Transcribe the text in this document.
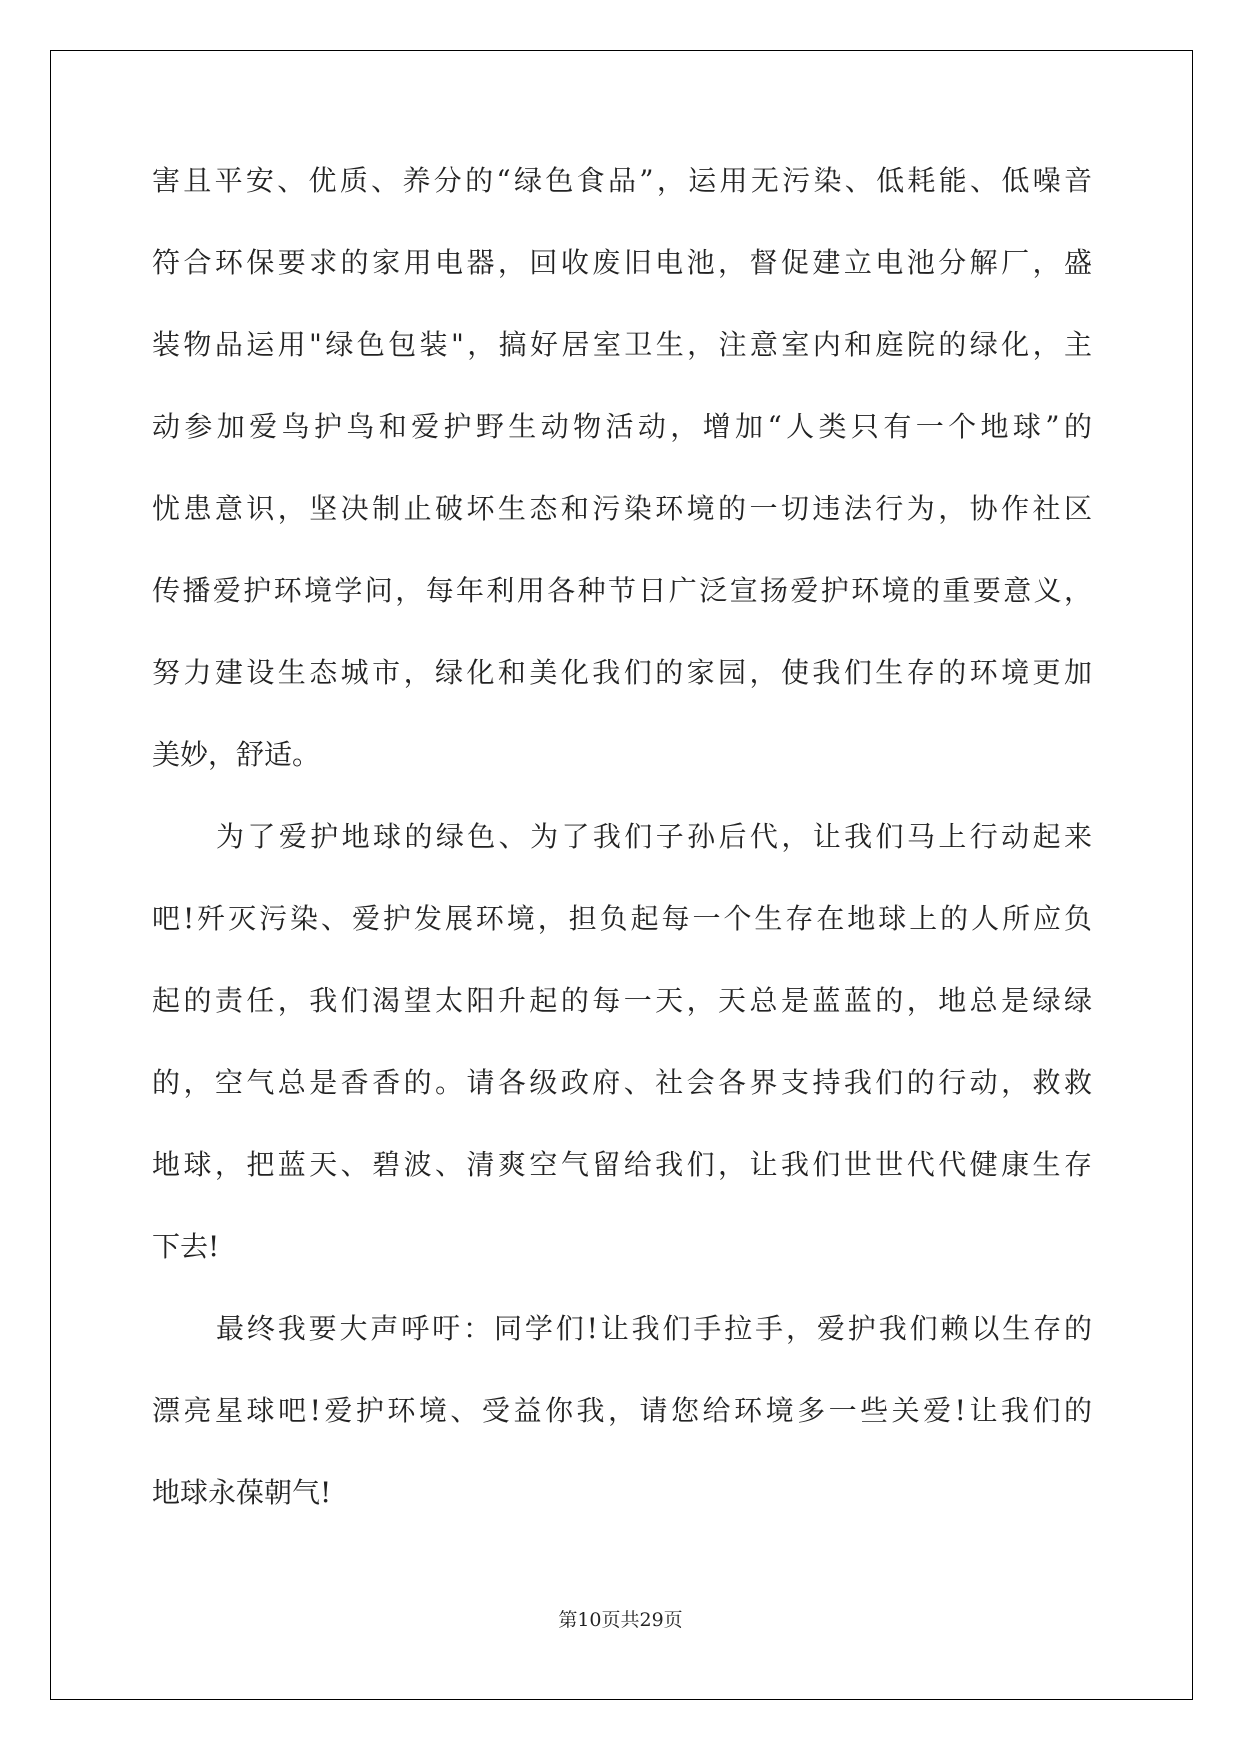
害且平安、优质、养分的“绿色食品”，运用无污染、低耗能、低噪音
符合环保要求的家用电器，回收废旧电池，督促建立电池分解厂，盛
装物品运用"绿色包装"，搞好居室卫生，注意室内和庭院的绿化，主
动参加爱鸟护鸟和爱护野生动物活动，增加“人类只有一个地球”的
忧患意识，坚决制止破坏生态和污染环境的一切违法行为，协作社区
传播爱护环境学问，每年利用各种节日广泛宣扬爱护环境的重要意义，
努力建设生态城市，绿化和美化我们的家园，使我们生存的环境更加
美妙，舒适。
为了爱护地球的绿色、为了我们子孙后代，让我们马上行动起来
吧!歼灭污染、爱护发展环境，担负起每一个生存在地球上的人所应负
起的责任，我们渴望太阳升起的每一天，天总是蓝蓝的，地总是绿绿
的，空气总是香香的。请各级政府、社会各界支持我们的行动，救救
地球，把蓝天、碧波、清爽空气留给我们，让我们世世代代健康生存
下去!
最终我要大声呼吁：同学们!让我们手拉手，爱护我们赖以生存的
漂亮星球吧!爱护环境、受益你我，请您给环境多一些关爱!让我们的
地球永葆朝气!
第10页共29页
